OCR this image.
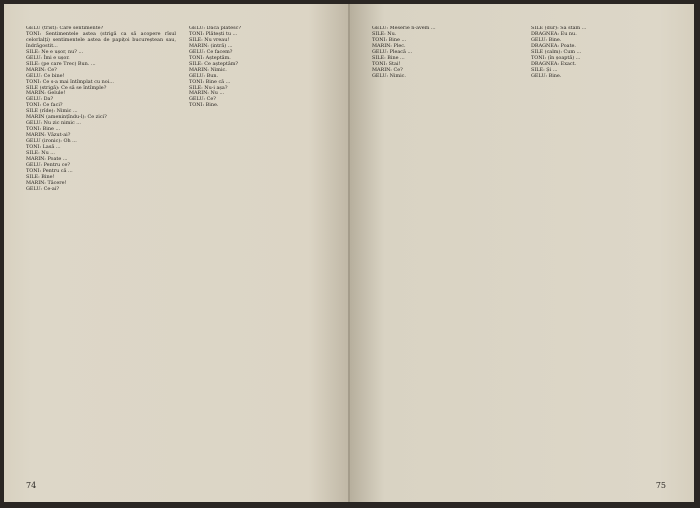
GELU (trist): Care sentimente?

TONI: Sentimentele astea (strigă ca să acopere rîsul celorlalți) sentimentele astea de papițoi bucureștean sau, îndrăgostit...

SILE: Ne e ușor, nu? ...

GELU: Îmi e ușor.

SILE: (pe care Trec) Bun. ...

MARIN: Ce?

GELU: Ce bine!

TONI: Ce s-a mai întîmplat cu noi...

SILE (strigă): Ce să se întîmple?

MARIN: Gelule!

GELU: Da?

TONI: Ce faci?

SILE (rîde): Nimic ...

MARIN (amenințîndu-l): Ce zici?

GELU: Nu zic nimic ...

TONI: Bine ...

MARIN: Văzut-ai?

GELU (ironic): Oh ...

TONI: Lasă ...

SILE: Nu ...

MARIN: Poate ...

GELU: Pentru ce?

TONI: Pentru că ...

SILE: Bine!

MARIN: Tăcere!

GELU: Ce-ai?

GELU: Dacă plătesc?

TONI: Plătești tu ...

SILE: Nu vreau!

MARIN: (intră) ...

GELU: Ce facem?

TONI: Așteptăm.

SILE: Ce așteptăm?

MARIN: Nimic.

GELU: Bun.

TONI: Bine că ...

SILE: Nu-i așa?

MARIN: Nu ...

GELU: Ce?

TONI: Bine.

74

GELU: Meserie n-avem ...

SILE: Nu.

TONI: Bine ...

MARIN: Plec.

GELU: Pleacă ...

SILE: Bine ...

TONI: Stai!

MARIN: Ce?

GELU: Nimic.

SILE (dur): Să stăm ...

DRAGNEA: Eu nu.

GELU: Bine.

DRAGNEA: Poate.

SILE (calm): Cum ...

TONI: (în șoaptă) ...

DRAGNEA: Exact.

SILE: Și ...

GELU: Bine.

75
